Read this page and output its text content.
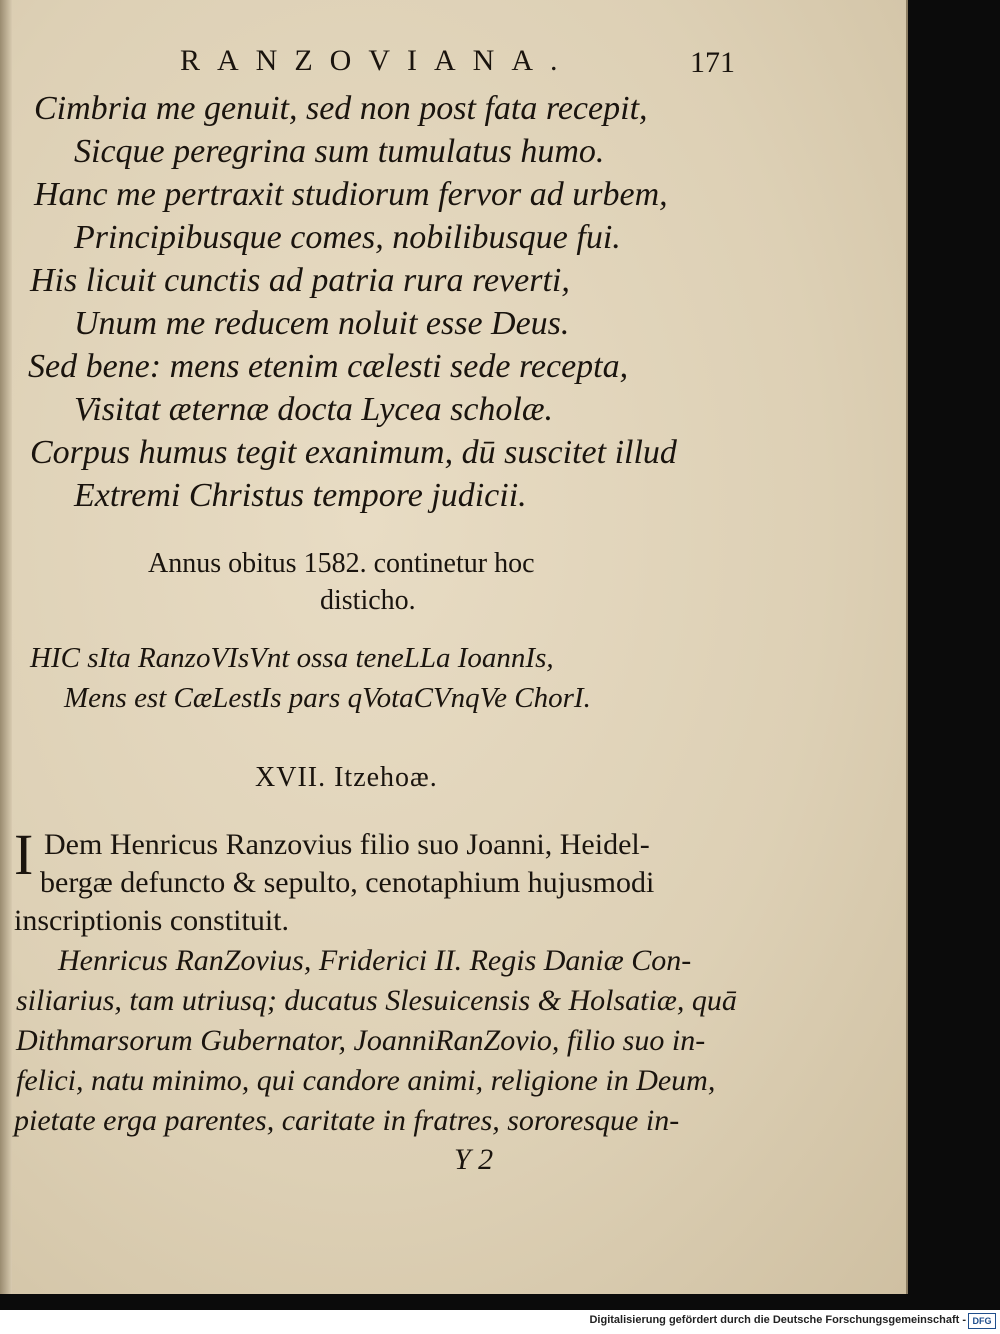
RANZOVIANA.	171
Cimbria me genuit, sed non post fata recepit,
Sicque peregrina sum tumulatus humo.
Hanc me pertraxit studiorum fervor ad urbem,
Principibusque comes, nobilibusque fui.
His licuit cunctis ad patria rura reverti,
Unum me reducem noluit esse Deus.
Sed bene: mens etenim cælesti sede recepta,
Visitat æternæ docta Lycea scholæ.
Corpus humus tegit exanimum, dū suscitet illud
Extremi Christus tempore judicii.
Annus obitus 1582. continetur hoc
disticho.
HIC sIta RanzoVIsVnt ossa teneLLa IoannIs,
Mens est CæLestIs pars qVotaCVnqVe ChorI.
XVII. Itzehoæ.
I Dem Henricus Ranzovius filio suo Joanni, Heidel-
bergæ defuncto & sepulto, cenotaphium hujusmodi
inscriptionis constituit.
Henricus RanZovius, Friderici II. Regis Daniæ Con-
siliarius, tam utriusq; ducatus Slesuicensis & Holsatiæ, quā
Dithmarsorum Gubernator, JoanniRanZovio, filio suo in-
felici, natu minimo, qui candore animi, religione in Deum,
pietate erga parentes, caritate in fratres, sororesque in-
Y 2
Digitalisierung gefördert durch die Deutsche Forschungsgemeinschaft - DFG
